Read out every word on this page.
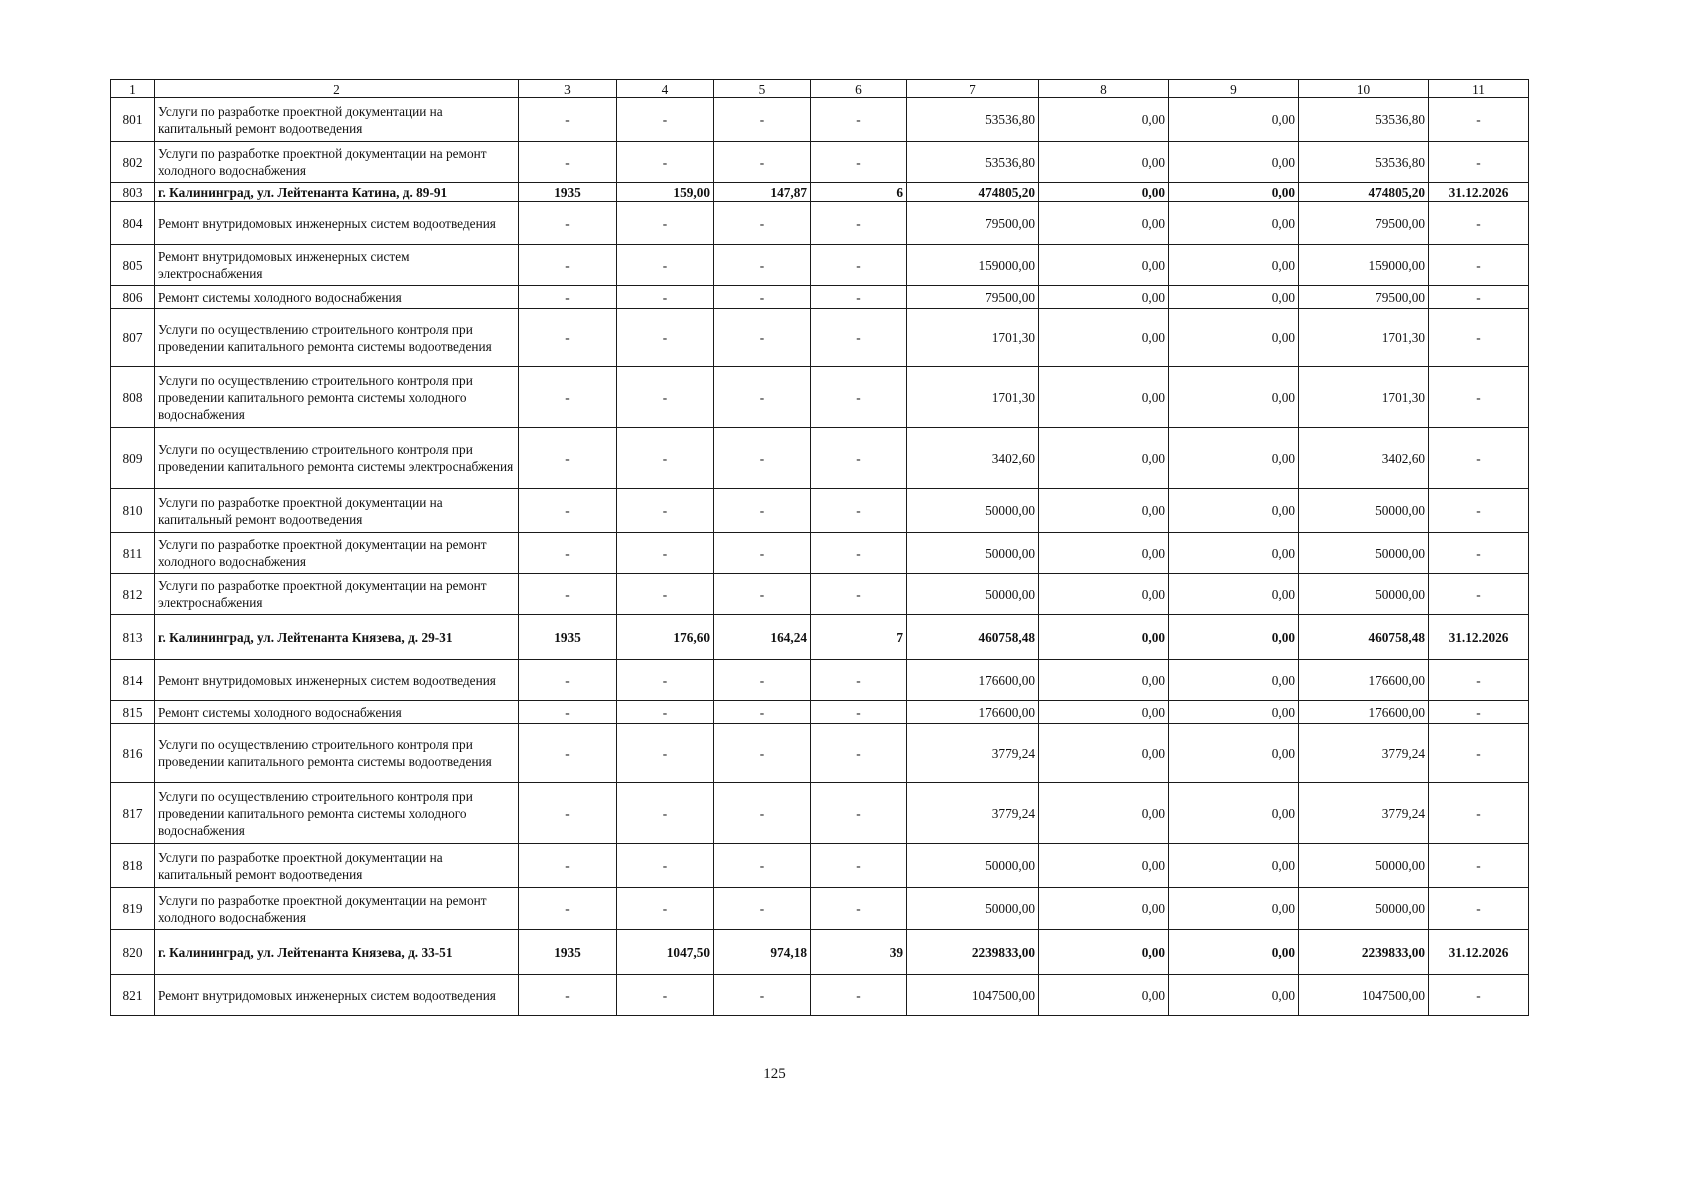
1	2	3	4	5	6	7	8	9	10	11
801	Услуги по разработке проектной документации на капитальный ремонт водоотведения	-	-	-	-	53536,80	0,00	0,00	53536,80	-
802	Услуги по разработке проектной документации на ремонт холодного водоснабжения	-	-	-	-	53536,80	0,00	0,00	53536,80	-
803	г. Калининград, ул. Лейтенанта Катина, д. 89-91	1935	159,00	147,87	6	474805,20	0,00	0,00	474805,20	31.12.2026
804	Ремонт внутридомовых инженерных систем водоотведения	-	-	-	-	79500,00	0,00	0,00	79500,00	-
805	Ремонт внутридомовых инженерных систем электроснабжения	-	-	-	-	159000,00	0,00	0,00	159000,00	-
806	Ремонт системы холодного водоснабжения	-	-	-	-	79500,00	0,00	0,00	79500,00	-
807	Услуги по осуществлению строительного контроля при проведении капитального ремонта системы водоотведения	-	-	-	-	1701,30	0,00	0,00	1701,30	-
808	Услуги по осуществлению строительного контроля при проведении капитального ремонта системы холодного водоснабжения	-	-	-	-	1701,30	0,00	0,00	1701,30	-
809	Услуги по осуществлению строительного контроля при проведении капитального ремонта системы электроснабжения	-	-	-	-	3402,60	0,00	0,00	3402,60	-
810	Услуги по разработке проектной документации на капитальный ремонт водоотведения	-	-	-	-	50000,00	0,00	0,00	50000,00	-
811	Услуги по разработке проектной документации на ремонт холодного водоснабжения	-	-	-	-	50000,00	0,00	0,00	50000,00	-
812	Услуги по разработке проектной документации на ремонт электроснабжения	-	-	-	-	50000,00	0,00	0,00	50000,00	-
813	г. Калининград, ул. Лейтенанта Князева, д. 29-31	1935	176,60	164,24	7	460758,48	0,00	0,00	460758,48	31.12.2026
814	Ремонт внутридомовых инженерных систем водоотведения	-	-	-	-	176600,00	0,00	0,00	176600,00	-
815	Ремонт системы холодного водоснабжения	-	-	-	-	176600,00	0,00	0,00	176600,00	-
816	Услуги по осуществлению строительного контроля при проведении капитального ремонта системы водоотведения	-	-	-	-	3779,24	0,00	0,00	3779,24	-
817	Услуги по осуществлению строительного контроля при проведении капитального ремонта системы холодного водоснабжения	-	-	-	-	3779,24	0,00	0,00	3779,24	-
818	Услуги по разработке проектной документации на капитальный ремонт водоотведения	-	-	-	-	50000,00	0,00	0,00	50000,00	-
819	Услуги по разработке проектной документации на ремонт холодного водоснабжения	-	-	-	-	50000,00	0,00	0,00	50000,00	-
820	г. Калининград, ул. Лейтенанта Князева, д. 33-51	1935	1047,50	974,18	39	2239833,00	0,00	0,00	2239833,00	31.12.2026
821	Ремонт внутридомовых инженерных систем водоотведения	-	-	-	-	1047500,00	0,00	0,00	1047500,00	-
125
